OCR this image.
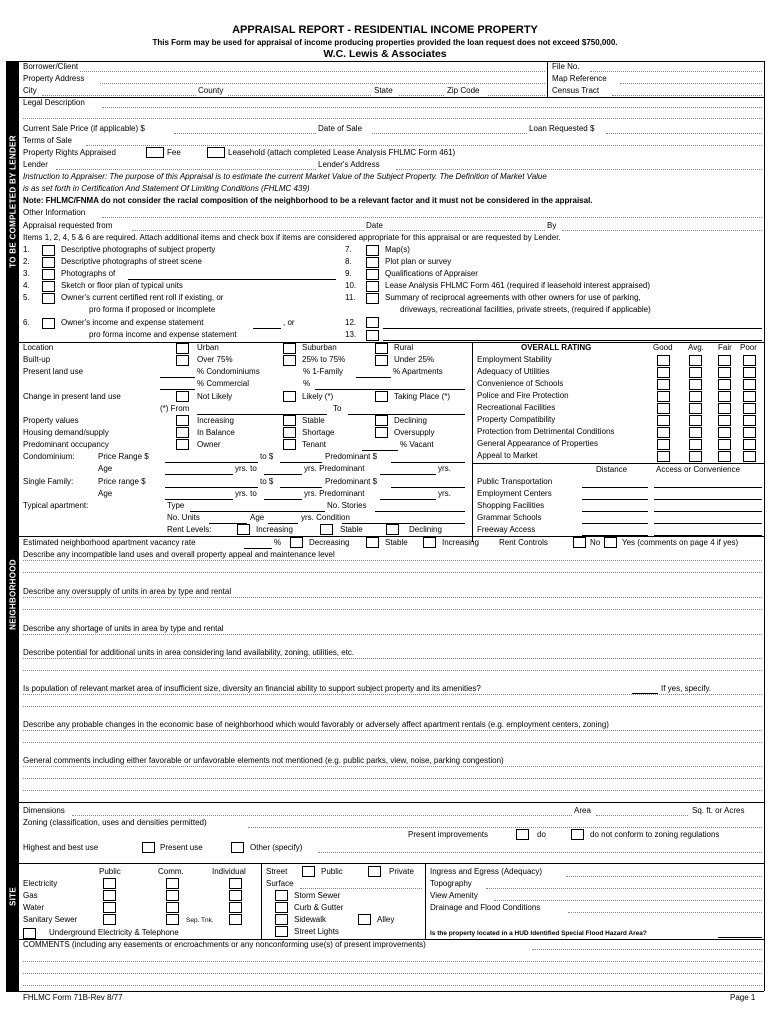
APPRAISAL REPORT - RESIDENTIAL INCOME PROPERTY
This Form may be used for appraisal of income producing properties provided the loan request does not exceed $750,000.
W.C. Lewis & Associates
TO BE COMPLETED BY LENDER
NEIGHBORHOOD
SITE
Borrower/Client	File No.
Property Address	Map Reference
City	County	State	Zip Code	Census Tract
Legal Description
Current Sale Price (if applicable) $	Date of Sale	Loan Requested $
Terms of Sale
Property Rights Appraised	Fee	Leasehold (attach completed Lease Analysis FHLMC Form 461)
Lender	Lender's Address
Instruction to Appraiser: The purpose of this Appraisal is to estimate the current Market Value of the Subject Property. The Definition of Market Value
is as set forth in Certification And Statement Of Limiting Conditions (FHLMC 439)
Note: FHLMC/FNMA do not consider the racial composition of the neighborhood to be a relevant factor and it must not be considered in the appraisal.
Other Information
Appraisal requested from	Date	By
Items 1, 2, 4, 5 & 6 are required. Attach additional items and check box if items are considered appropriate for this appraisal or are requested by Lender.
1.	Descriptive photographs of subject property
2.	Descriptive photographs of street scene
3.	Photographs of
4.	Sketch or floor plan of typical units
5.	Owner's current certified rent roll if existing, or
pro forma if proposed or incomplete
6.	Owner's income and expense statement	, or
pro forma income and expense statement
7.	Map(s)
8.	Plot plan or survey
9.	Qualifications of Appraiser
10.	Lease Analysis FHLMC Form 461 (required if leasehold interest appraised)
11.	Summary of reciprocal agreements with other owners for use of parking,
driveways, recreational facilities, private streets, (required if applicable)
12.
13.
Location	Urban	Suburban	Rural
Built-up	Over 75%	25% to 75%	Under 25%
Present land use	% Condominiums	% 1-Family	% Apartments
% Commercial	%
Change in present land use	Not Likely	Likely (*)	Taking Place (*)
(*) From	To
Property values	Increasing	Stable	Declining
Housing demand/supply	In Balance	Shortage	Oversupply
Predominant occupancy	Owner	Tenant	% Vacant
Condominium:	Price Range $	to $	Predominant $
Age	yrs. to	yrs. Predominant	yrs.
Single Family:	Price range $	to $	Predominant $
Age	yrs. to	yrs. Predominant	yrs.
Typical apartment:	Type	No. Stories
No. Units	Age	yrs. Condition
Rent Levels:	Increasing	Stable	Declining
OVERALL RATING	Good Avg. Fair Poor
Employment Stability
Adequacy of Utilities
Convenience of Schools
Police and Fire Protection
Recreational Facilities
Property Compatibility
Protection from Detrimental Conditions
General Appearance of Properties
Appeal to Market
Distance	Access or Convenience
Public Transportation
Employment Centers
Shopping Facilities
Grammar Schools
Freeway Access
Estimated neighborhood apartment vacancy rate	%	Decreasing	Stable	Increasing	Rent Controls	No	Yes (comments on page 4 if yes)
Describe any incompatible land uses and overall property appeal and maintenance level
Describe any oversupply of units in area by type and rental
Describe any shortage of units in area by type and rental
Describe potential for additional units in area considering land availability, zoning, utilities, etc.
Is population of relevant market area of insufficient size, diversity an financial ability to support subject property and its amenities?	If yes, specify.
Describe any probable changes in the economic base of neighborhood which would favorably or adversely affect apartment rentals (e.g. employment centers, zoning)
General comments including either favorable or unfavorable elements not mentioned (e.g. public parks, view, noise, parking congestion)
Dimensions	Area	Sq. ft. or Acres
Zoning (classification, uses and densities permitted)
Present improvements	do	do not conform to zoning regulations
Highest and best use	Present use	Other (specify)
Public	Comm.	Individual
Electricity
Gas
Water
Sanitary Sewer	Sep. Tnk.
Underground Electricity & Telephone
Street	Public	Private
Surface
Storm Sewer
Curb & Gutter
Sidewalk	Alley
Street Lights
Ingress and Egress (Adequacy)
Topography
View Amenity
Drainage and Flood Conditions
Is the property located in a HUD Identified Special Flood Hazard Area?
COMMENTS (including any easements or encroachments or any nonconforming use(s) of present improvements)
FHLMC Form 71B-Rev 8/77	Page 1
